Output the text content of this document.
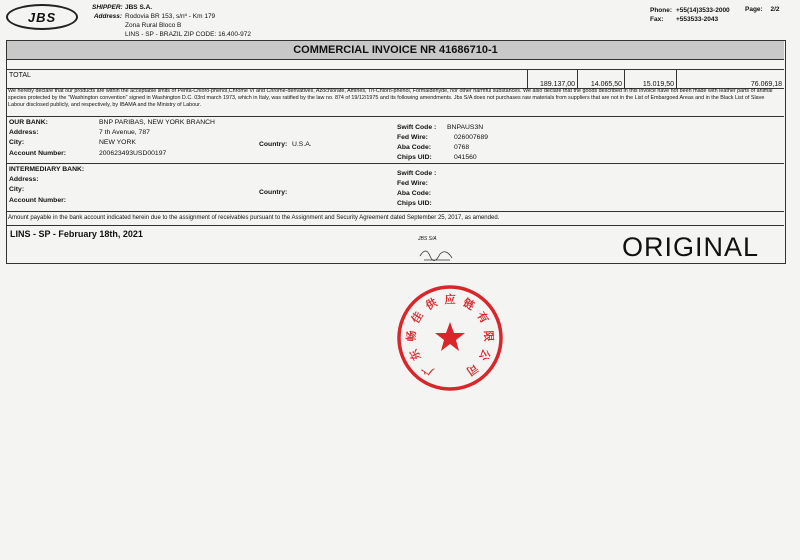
JBS
SHIPPER: JBS S.A.
Address: Rodovia BR 153, s/nº - Km 179
Zona Rural Bloco B
LINS - SP - BRAZIL ZIP CODE: 16.400-972
Phone: +55(14)3533-2000
Fax: +553533-2043
Page: 2/2
COMMERCIAL INVOICE NR 41686710-1
TOTAL
189.137,00	14.065,50	15.019,50	76.069,18
We hereby declare that our products are within the acceptable limits of Penta-Chloro-phenol,Chrome VI and Chrome-derivatives, Azochlorate, Amines, Tri-Chloro-phenol, Formaldehyde, nor other harmful substances. We also declare that the goods described in this invoice have not been made with leather parts of animal species protected by the "Washington convention" signed in Washington D.C. 03rd march 1973, which in Italy, was ratified by the law no. 874 of 19/12/1975 and its following amendments. Jbs S/A does not purchases raw materials from suppliers that are not in the List of Embargoed Areas and in the Black List of Slave Labour disclosed publicly, and respectively, by IBAMA and the Ministry of Labour.
OUR BANK:	BNP PARIBAS, NEW YORK BRANCH
Address:	7 th Avenue, 787
City:	NEW YORK	Country: U.S.A.
Account Number:	200623493USD00197
Swift Code : BNPAUS3N
Fed Wire:	026007689
Aba Code:	0768
Chips UID:	041560
INTERMEDIARY BANK:
Address:
City:	Country:
Account Number:
Swift Code :
Fed Wire:
Aba Code:
Chips UID:
Amount payable in the bank account indicated herein due to the assignment of receivables pursuant to the Assignment and Security Agreement dated September 25, 2017, as amended.
LINS - SP - February 18th, 2021	JBS S/A	ORIGINAL
广
东
畅
佳
供 应 链
有
限
公
司
